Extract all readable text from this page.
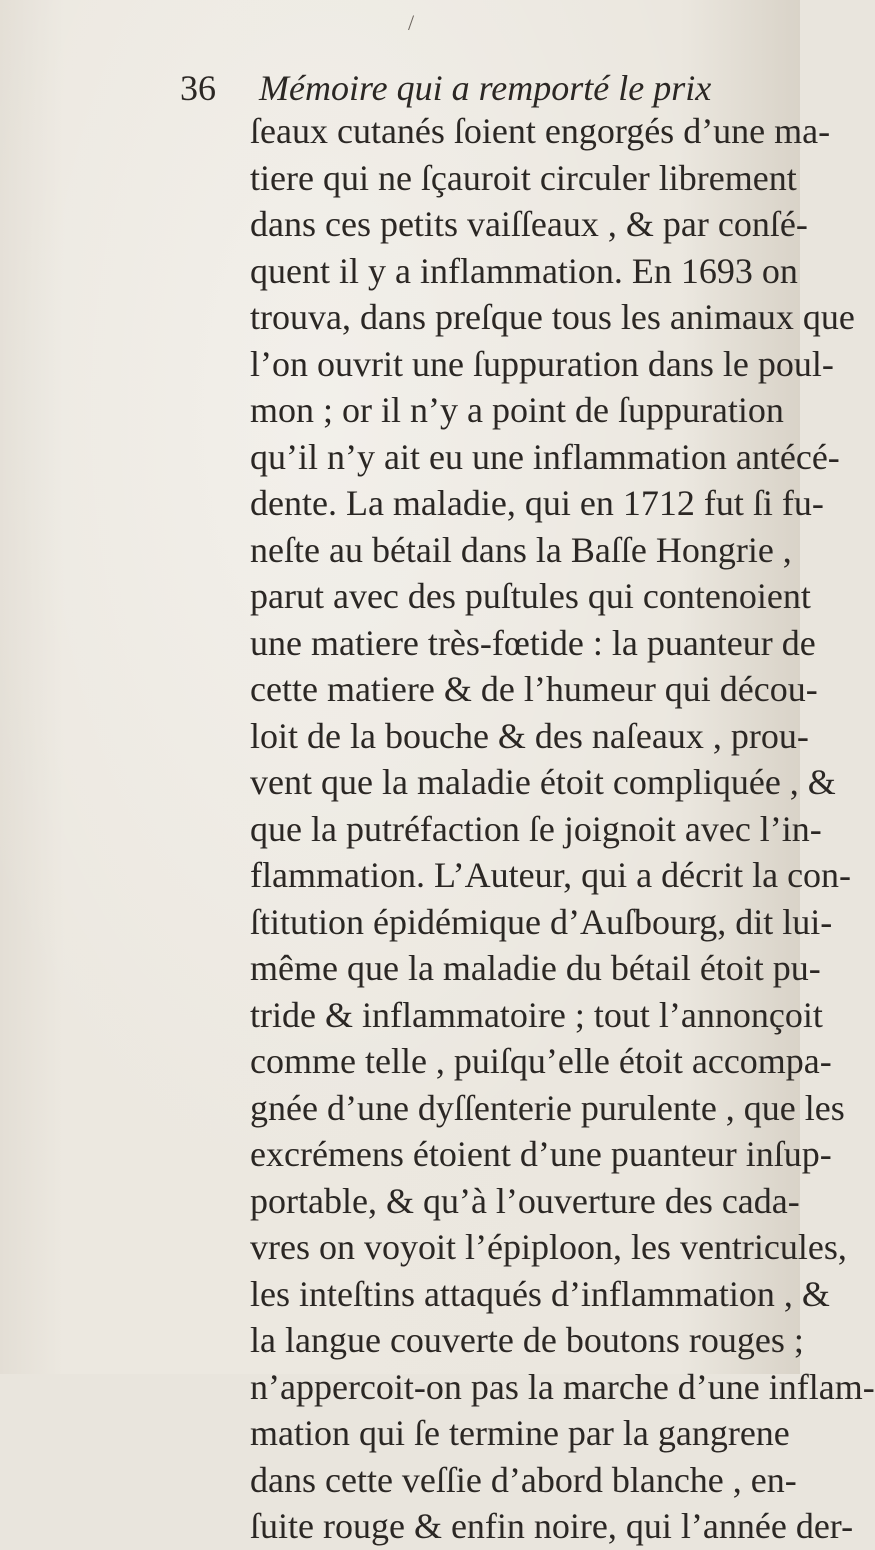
/
36 Mémoire qui a remporté le prix
ſeaux cutanés ſoient engorgés d’une ma-
tiere qui ne ſçauroit circuler librement
dans ces petits vaiſſeaux , & par conſé-
quent il y a inflammation. En 1693 on
trouva, dans preſque tous les animaux que
l’on ouvrit une ſuppuration dans le poul-
mon ; or il n’y a point de ſuppuration
qu’il n’y ait eu une inflammation antécé-
dente. La maladie, qui en 1712 fut ſi fu-
neſte au bétail dans la Baſſe Hongrie ,
parut avec des puſtules qui contenoient
une matiere très-fœtide : la puanteur de
cette matiere & de l’humeur qui décou-
loit de la bouche & des naſeaux , prou-
vent que la maladie étoit compliquée , &
que la putréfaction ſe joignoit avec l’in-
flammation. L’Auteur, qui a décrit la con-
ſtitution épidémique d’Auſbourg, dit lui-
même que la maladie du bétail étoit pu-
tride & inflammatoire ; tout l’annonçoit
comme telle , puiſqu’elle étoit accompa-
gnée d’une dyſſenterie purulente , que les
excrémens étoient d’une puanteur inſup-
portable, & qu’à l’ouverture des cada-
vres on voyoit l’épiploon, les ventricules,
les inteſtins attaqués d’inflammation , &
la langue couverte de boutons rouges ;
n’appercoit-on pas la marche d’une inflam-
mation qui ſe termine par la gangrene
dans cette veſſie d’abord blanche , en-
ſuite rouge & enfin noire, qui l’année der-
